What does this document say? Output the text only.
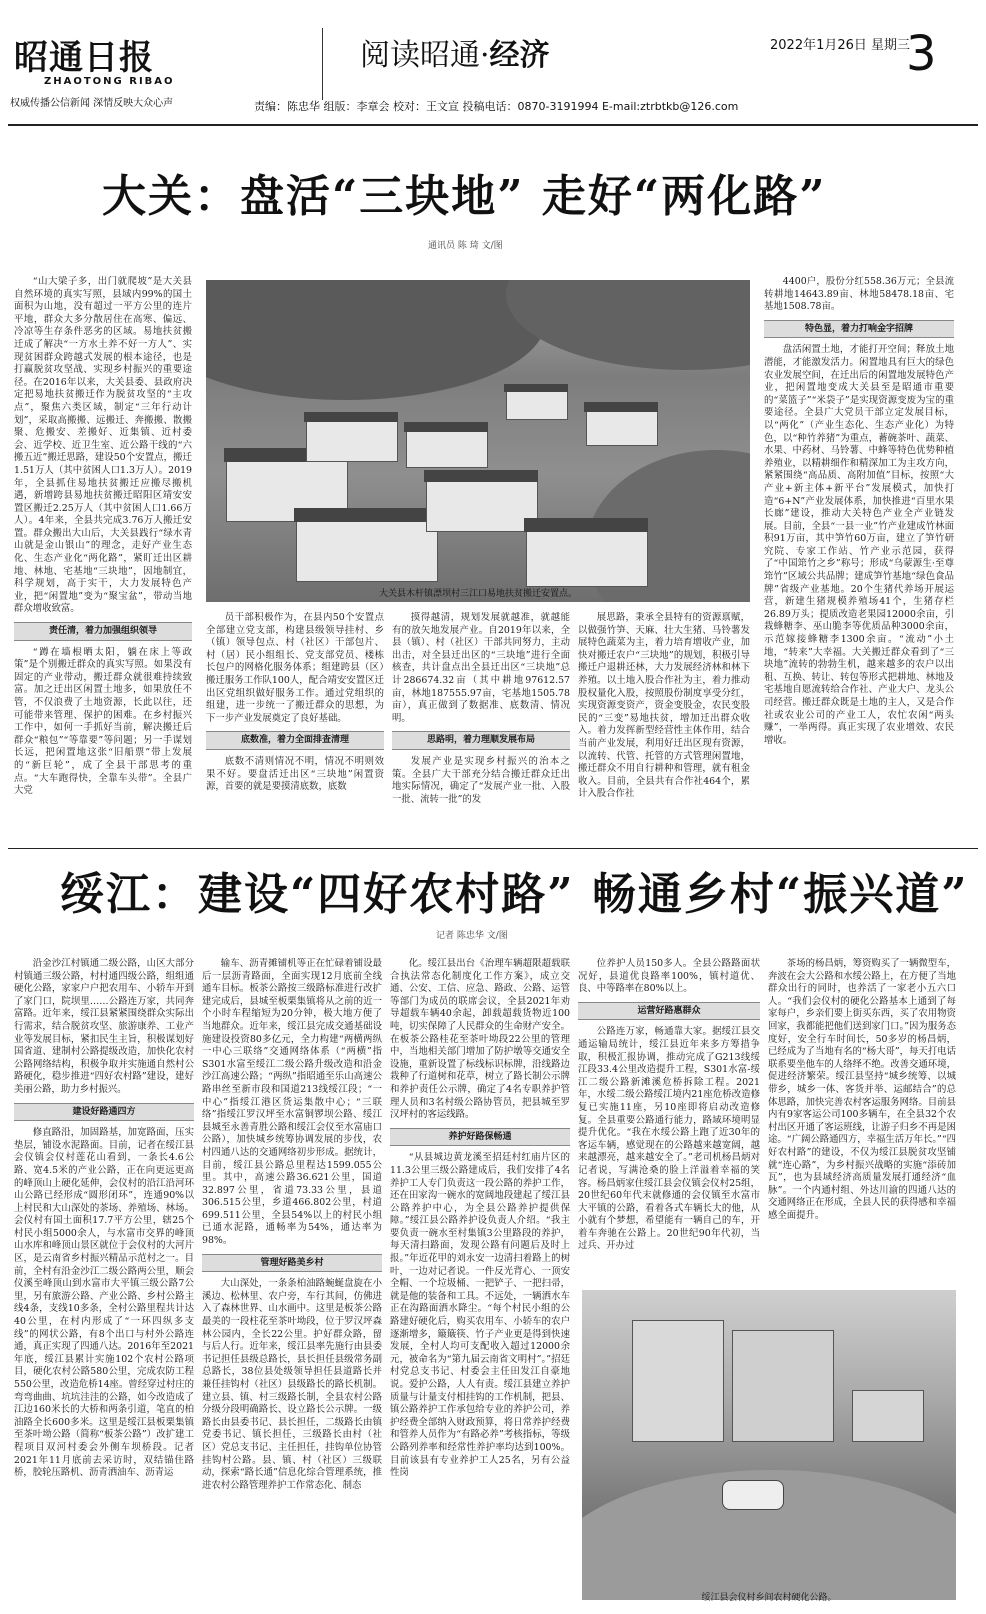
昭通日报
ZHAOTONG RIBAO
权威传播公信新闻 深情反映大众心声
阅读昭通·经济	2022年1月26日 星期三
3
责编：陈忠华 组版：李章会 校对：王文宣 投稿电话：0870-3191994 E-mail:ztrbtkb@126.com
大关：盘活“三块地” 走好“两化路”
通讯员 陈 琦 文/图

“山大梁子多，出门就爬坡”是大关县自然环境的真实写照，县域内99%的国土面积为山地，没有超过一平方公里的连片平地，群众大多分散居住在高寒、偏远、冷凉等生存条件恶劣的区域。易地扶贫搬迁成了解决“一方水土养不好一方人”、实现贫困群众跨越式发展的根本途径，也是打赢脱贫攻坚战、实现乡村振兴的重要途径。在2016年以来，大关县委、县政府决定把易地扶贫搬迁作为脱贫攻坚的“主攻点”，聚焦六类区域，制定“三年行动计划”，采取高搬搬、远搬迁、奔搬搬、散搬聚、危搬安、差搬好、近集镇、近村委会、近学校、近卫生室、近公路干线的“六搬五近”搬迁思路，建设50个安置点，搬迁1.51万人（其中贫困人口1.3万人）。2019年，全县抓住易地扶贫搬迁应搬尽搬机遇，新增跨县易地扶贫搬迁昭阳区靖安安置区搬迁2.25万人（其中贫困人口1.66万人）。4年来，全县共完成3.76万人搬迁安置。群众搬出大山后，大关县践行“绿水青山就是金山银山”的理念，走好产业生态化、生态产业化“两化路”，紧盯迁出区耕地、林地、宅基地“三块地”，因地制宜，科学规划，高于实干，大力发展特色产业，把“闲置地”变为“聚宝盆”，带动当地群众增收致富。

责任清，着力加强组织领导

“蹲在墙根晒太阳，躺在床上等政策”是个别搬迁群众的真实写照。如果没有固定的产业带动，搬迁群众就很难持续致富。加之迁出区闲置土地多，如果放任不管，不仅浪费了土地资源，长此以往，还可能带来管理、保护的困难。在乡村振兴工作中，如何一手抓好当前，解决搬迁后群众“粮包”“等靠要”等问题；另一手谋划长远，把闲置地这张“旧船票”带上发展的“新巨轮”，成了全县干部思考的重点。“大车跑得快，全靠车头带”。全县广大党

大关县木杆镇漂坝村三江口易地扶贫搬迁安置点。

员干部积极作为，在县内50个安置点全部建立党支部，构建县级领导挂村、乡（镇）领导包点、村（社区）干部包片、村（居）民小组组长、党支部党员、楼栋长包户的网格化服务体系；组建跨县（区）搬迁服务工作队100人，配合靖安安置区迁出区党组织做好服务工作。通过党组织的组建，进一步统一了搬迁群众的思想，为下一步产业发展奠定了良好基础。

底数准，着力全面排查清理

底数不清则情况不明，情况不明则效果不好。要盘活迁出区“三块地”闲置资源，首要的就是要摸清底数，底数

摸得越清，规划发展就越准，就越能有的放矢地发展产业。自2019年以来，全县（镇）、村（社区）干部共同努力，主动出击，对全县迁出区的“三块地”进行全面核查，共计盘点出全县迁出区“三块地”总计286674.32亩（其中耕地97612.57亩，林地187555.97亩，宅基地1505.78亩），真正做到了数据准、底数清、情况明。

思路明，着力理顺发展布局

发展产业是实现乡村振兴的治本之策。全县广大干部充分结合搬迁群众迁出地实际情况，确定了“发展产业一批、入股一批、流转一批”的发

展思路，秉承全县特有的资源禀赋，以做强竹笋、天麻、壮大生猪、马铃薯发展特色蔬菜为主，着力培育增收产业，加快对搬迁农户“三块地”的规划，积极引导搬迁户退耕还林，大力发展经济林和林下养殖。以土地入股合作社为主，着力推动股权量化入股，按照股份制度享受分红，实现资源变资产，资金变股金，农民变股民的“三变”易地扶贫，增加迁出群众收入。着力发挥新型经营性主体作用，结合当前产业发展，利用好迁出区现有资源，以流转、代管、托管的方式管理闲置地，搬迁群众不用自行耕种和管理，就有租金收入。目前，全县共有合作社464个，累计入股合作社

4400户，股份分红558.36万元；全县流转耕地14643.89亩、林地58478.18亩、宅基地1508.78亩。

特色显，着力打响金字招牌

盘活闲置土地，才能打开空间；释放土地潜能，才能激发活力。闲置地具有巨大的绿色农业发展空间，在迁出后的闲置地发展特色产业，把闲置地变成大关县至是昭通市重要的“菜篮子”“米袋子”是实现资源变废为宝的重要途径。全县广大党员干部立定发展目标，以“两化”（产业生态化、生态产业化）为特色，以“种竹养猪”为重点，蓄碗茶叶、蔬菜、水果、中药材、马铃薯、中蜂等特色优势种植养殖业，以精耕细作和精深加工为主攻方向，紧紧围绕“高品质、高附加值”目标，按照“大产业+新主体+新平台”发展模式，加快打造“6+N”产业发展体系，加快推进“百里水果长廊”建设，推动大关特色产业全产业链发展。目前，全县“一县一业”竹产业建成竹林面积91万亩，其中笋竹60万亩，建立了笋竹研究院、专家工作站、竹产业示范园，获得了“中国筇竹之乡”称号；形成“乌蒙源生·至尊筇竹”区域公共品牌；建成笋竹基地“绿色食品牌”省级产业基地。20个生猪代养场开展运营，新建生猪规模养殖场41个，生猪存栏26.89万头；提质改造老果园12000余亩，引栽蜂糖李、巫山脆李等优质品种3000余亩，示范嫁接蜂糖李1300余亩。“流动”小土地，“转来”大幸福。大关搬迁群众看到了“三块地”流转的勃勃生机，越来越多的农户以出租、互换、转让、转包等形式把耕地、林地及宅基地自愿流转给合作社、产业大户、龙头公司经营。搬迁群众既是土地的主人，又是合作社或农业公司的产业工人，农忙农闲“两头赚”，一举两得。真正实现了农业增效、农民增收。

绥江：建设“四好农村路” 畅通乡村“振兴道”
记者 陈忠华 文/图

沿金沙江村镇通二级公路，山区大部分村镇通三级公路，村村通四级公路，组组通硬化公路，家家户户把农用车、小轿车开到了家门口，院坝里……公路连万家，共同奔富路。近年来，绥江县紧紧围绕群众实际出行需求，结合脱贫攻坚、旅游康养、工业产业等发展目标，紧扣民生主旨，积极谋划好国省道、建制村公路提级改造，加快化农村公路网络结构，积极争取并实施通自然村公路硬化，稳步推进“四好农村路”建设，建好美丽公路，助力乡村振兴。

建设好路通四方

修直路沿，加固路基，加宽路面，压实垫层，铺设水泥路面。目前，记者在绥江县会仪镇会仪村莲花山看到，一条长4.6公路、宽4.5米的产业公路，正在向更远更高的峰顶山上硬化延伸，会仪村的沿江沿河环山公路已经形成“圆形闭环”，连通90%以上村民和大山深处的茶场、养殖场、林场。会仪村有国土面积17.7平方公里，辖25个村民小组5000余人，与水富市交界的峰顶山水库和峰顶山景区就位于会仪村的大河片区，是云南省乡村振兴精品示范村之一。目前，全村有沿金沙江二级公路两公里，顺会仪溪至峰顶山到水富市大平镇三级公路7公里，另有旅游公路、产业公路、乡村公路主线4条，支线10多条，全村公路里程共计达40公里，在村内形成了“一环四纵多支线”的网状公路，有8个出口与村外公路连通，真正实现了四通八达。2016年至2021年底，绥江县累计实施102个农村公路项目，硬化农村公路580公里，完成农防工程550公里，改造危桥14座。曾经穿过村庄的弯弯曲曲、坑坑洼洼的公路，如今改造成了江边160米长的大桥和两条引道，笔直的柏油路全长600多米。这里是绥江县板栗集镇至茶叶坳公路（简称“板茶公路”）改扩建工程项目双河村委会外侧车坝桥段。记者2021年11月底前去采访时，双结锚住路桥，胶轮压路机、沥青洒油车、沥青运

输车、沥青摊铺机等正在忙碌着铺设最后一层沥青路面，全面实现12月底前全线通车目标。板茶公路按三级路标准进行改扩建完成后，县城至板栗集镇将从之前的近一个小时车程缩短为20分钟，极大地方便了当地群众。近年来，绥江县完成交通基础设施建设投资80多亿元，全力构建“两横两纵一中心三联络”交通网络体系（“两横”指S301水富至绥江二级公路升级改造和沿金沙江高速公路；“两纵”指昭通至乐山高速公路串丝至新市段和国道213线绥江段；“一中心”指绥江港区货运集散中心；“三联络”指绥江罗汉坪至水富铜锣坝公路、绥江县城至永善青胜公路和绥江会仪至水富庙口公路），加快城乡统筹协调发展的步伐，农村四通八达的交通网络初步形成。据统计，目前，绥江县公路总里程达1599.055公里。其中，高速公路36.621公里，国道32.897公里，省道73.33公里，县道306.515公里，乡道466.802公里，村道699.511公里，全县54%以上的村民小组已通水泥路，通畅率为54%，通达率为98%。

管理好路美乡村

大山深处，一条条柏油路蜿蜒盘旋在小溪边、松林里、农户旁，车行其间，仿佛进入了森林世界、山水画中。这里是板茶公路最美的一段柱花至茶叶坳段，位于罗汉坪森林公园内，全长22公里。护好群众路，留与后人行。近年来，绥江县率先施行由县委书记担任县级总路长，县长担任县级常务副总路长，38位县处级领导担任县道路长并兼任挂钩村（社区）县级路长的路长机制。建立县、镇、村三级路长制，全县农村公路分级分段明确路长、设立路长公示牌。一级路长由县委书记、县长担任，二级路长由镇党委书记、镇长担任，三级路长由村（社区）党总支书记、主任担任，挂钩单位协管挂钩村公路。县、镇、村（社区）三级联动，探索“路长通”信息化综合管理系统，推进农村公路管理养护工作常态化、制态

化。绥江县出台《治理车辆超限超载联合执法常态化制度化工作方案》，成立交通、公安、工信、应急、路政、公路、运管等部门为成员的联席会议，全县2021年劝导超载车辆40余起，卸载超载货物近100吨，切实保障了人民群众的生命财产安全。在板茶公路桂花至茶叶坳段22公里的管理中，当地相关部门增加了防护墩等交通安全设施，重新设置了标线标识标牌，沿线路边栽种了行道树和花草，树立了路长制公示牌和养护责任公示牌，确定了4名专职养护管理人员和3名村级公路协管员，把县城至罗汉坪村的客运线路。

养护好路保畅通

“从县城边黄龙溪至招廷村红庙片区的11.3公里三级公路建成后，我们安排了4名养护工人专门负责这一段公路的养护工作，还在田家沟一碗水的宽阔地段建起了绥江县公路养护中心，为全县公路养护提供保障。”绥江县公路养护设负责人介绍。“我主要负责一碗水至村集镇3公里路段的养护，每天清扫路面，发现公路有问题后及时上报。”年近花甲的刘永安一边清扫着路上的树叶，一边对记者说。一件反光背心、一顶安全帽、一个垃圾桶、一把铲子、一把扫帚，就是他的装备和工具。不远处，一辆洒水车正在沟路面洒水降尘。“每个村民小组的公路建好硬化后，购买农用车、小轿车的农户逐渐增多，簸簸筷、竹子产业更是得到快速发展，全村人均可支配收入超过12000余元，被命名为“第九届云南省文明村”。”招廷村党总支书记、村委会主任田发江自豪地说。爱护公路，人人有责。绥江县建立养护质量与计量支付相挂钩的工作机制，把县、镇公路养护工作承包给专业的养护公司，养护经费全部纳入财政预算，将日常养护经费和管养人员作为“有路必养”考核指标，等级公路列养率和经常性养护率均达到100%。目前该县有专业养护工人25名，另有公益性岗

位养护人员150多人。全县公路路面状况好，县道优良路率100%，镇村道优、良、中等路率在80%以上。

运营好路惠群众

公路连万家，畅通靠大家。据绥江县交通运输局统计，绥江县近年来多方筹措争取，积极汇报协调，推动完成了G213线绥江段33.4公里改造提升工程，S301水富-绥江二级公路新滩溪危桥拆除工程。2021年，水绥二级公路绥江境内21座危桥改造修复已实施11座，另10座即将启动改造修复。全县重要公路通行能力，路域环境明显提升优化。“我在水绥公路上跑了近30年的客运车辆，感觉现在的公路越来越宽阔，越来越漂亮，越来越安全了。”老司机杨昌炳对记者说，写满沧桑的脸上洋溢着幸福的笑容。杨昌炳家住绥江县会仪镇会仪村25组，20世纪60年代末就修通的会仪镇至水富市大平镇的公路，看着各式车辆长大的他，从小就有个梦想，希望能有一辆自己的车，开着车奔驰在公路上。20世纪90年代初，当过兵、开办过

茶场的杨昌炳，筹资购买了一辆微型车，奔波在会大公路和水绥公路上，在方便了当地群众出行的同时，也养活了一家老小五六口人。“我们会仪村的硬化公路基本上通到了每家每户，乡亲们要上街买东西，买了农用物资回家，我都能把他们送到家门口。”因为服务态度好，安全行车时间长，50多岁的杨昌炳，已经成为了当地有名的“杨大哥”，每天打电话联系要坐他车的人络绎不绝。改善交通环境，促进经济繁荣。绥江县坚持“城乡统筹、以城带乡，城乡一体、客货并举、运邮结合”的总体思路，加快完善农村客运服务网络。目前县内有9家客运公司100多辆车，在全县32个农村出区开通了客运班线，让游子归乡不再是困途。“广阔公路通四方，幸福生活万年长。”“四好农村路”的建设，不仅为绥江县脱贫攻坚铺就“连心路”，为乡村振兴战略的实施“添砖加瓦”，也为县域经济高质量发展打通经济“血脉”。一个内通村组、外达川渝的四通八达的交通网络正在形成，全县人民的获得感和幸福感全面提升。

绥江县会仪村乡间农村硬化公路。
